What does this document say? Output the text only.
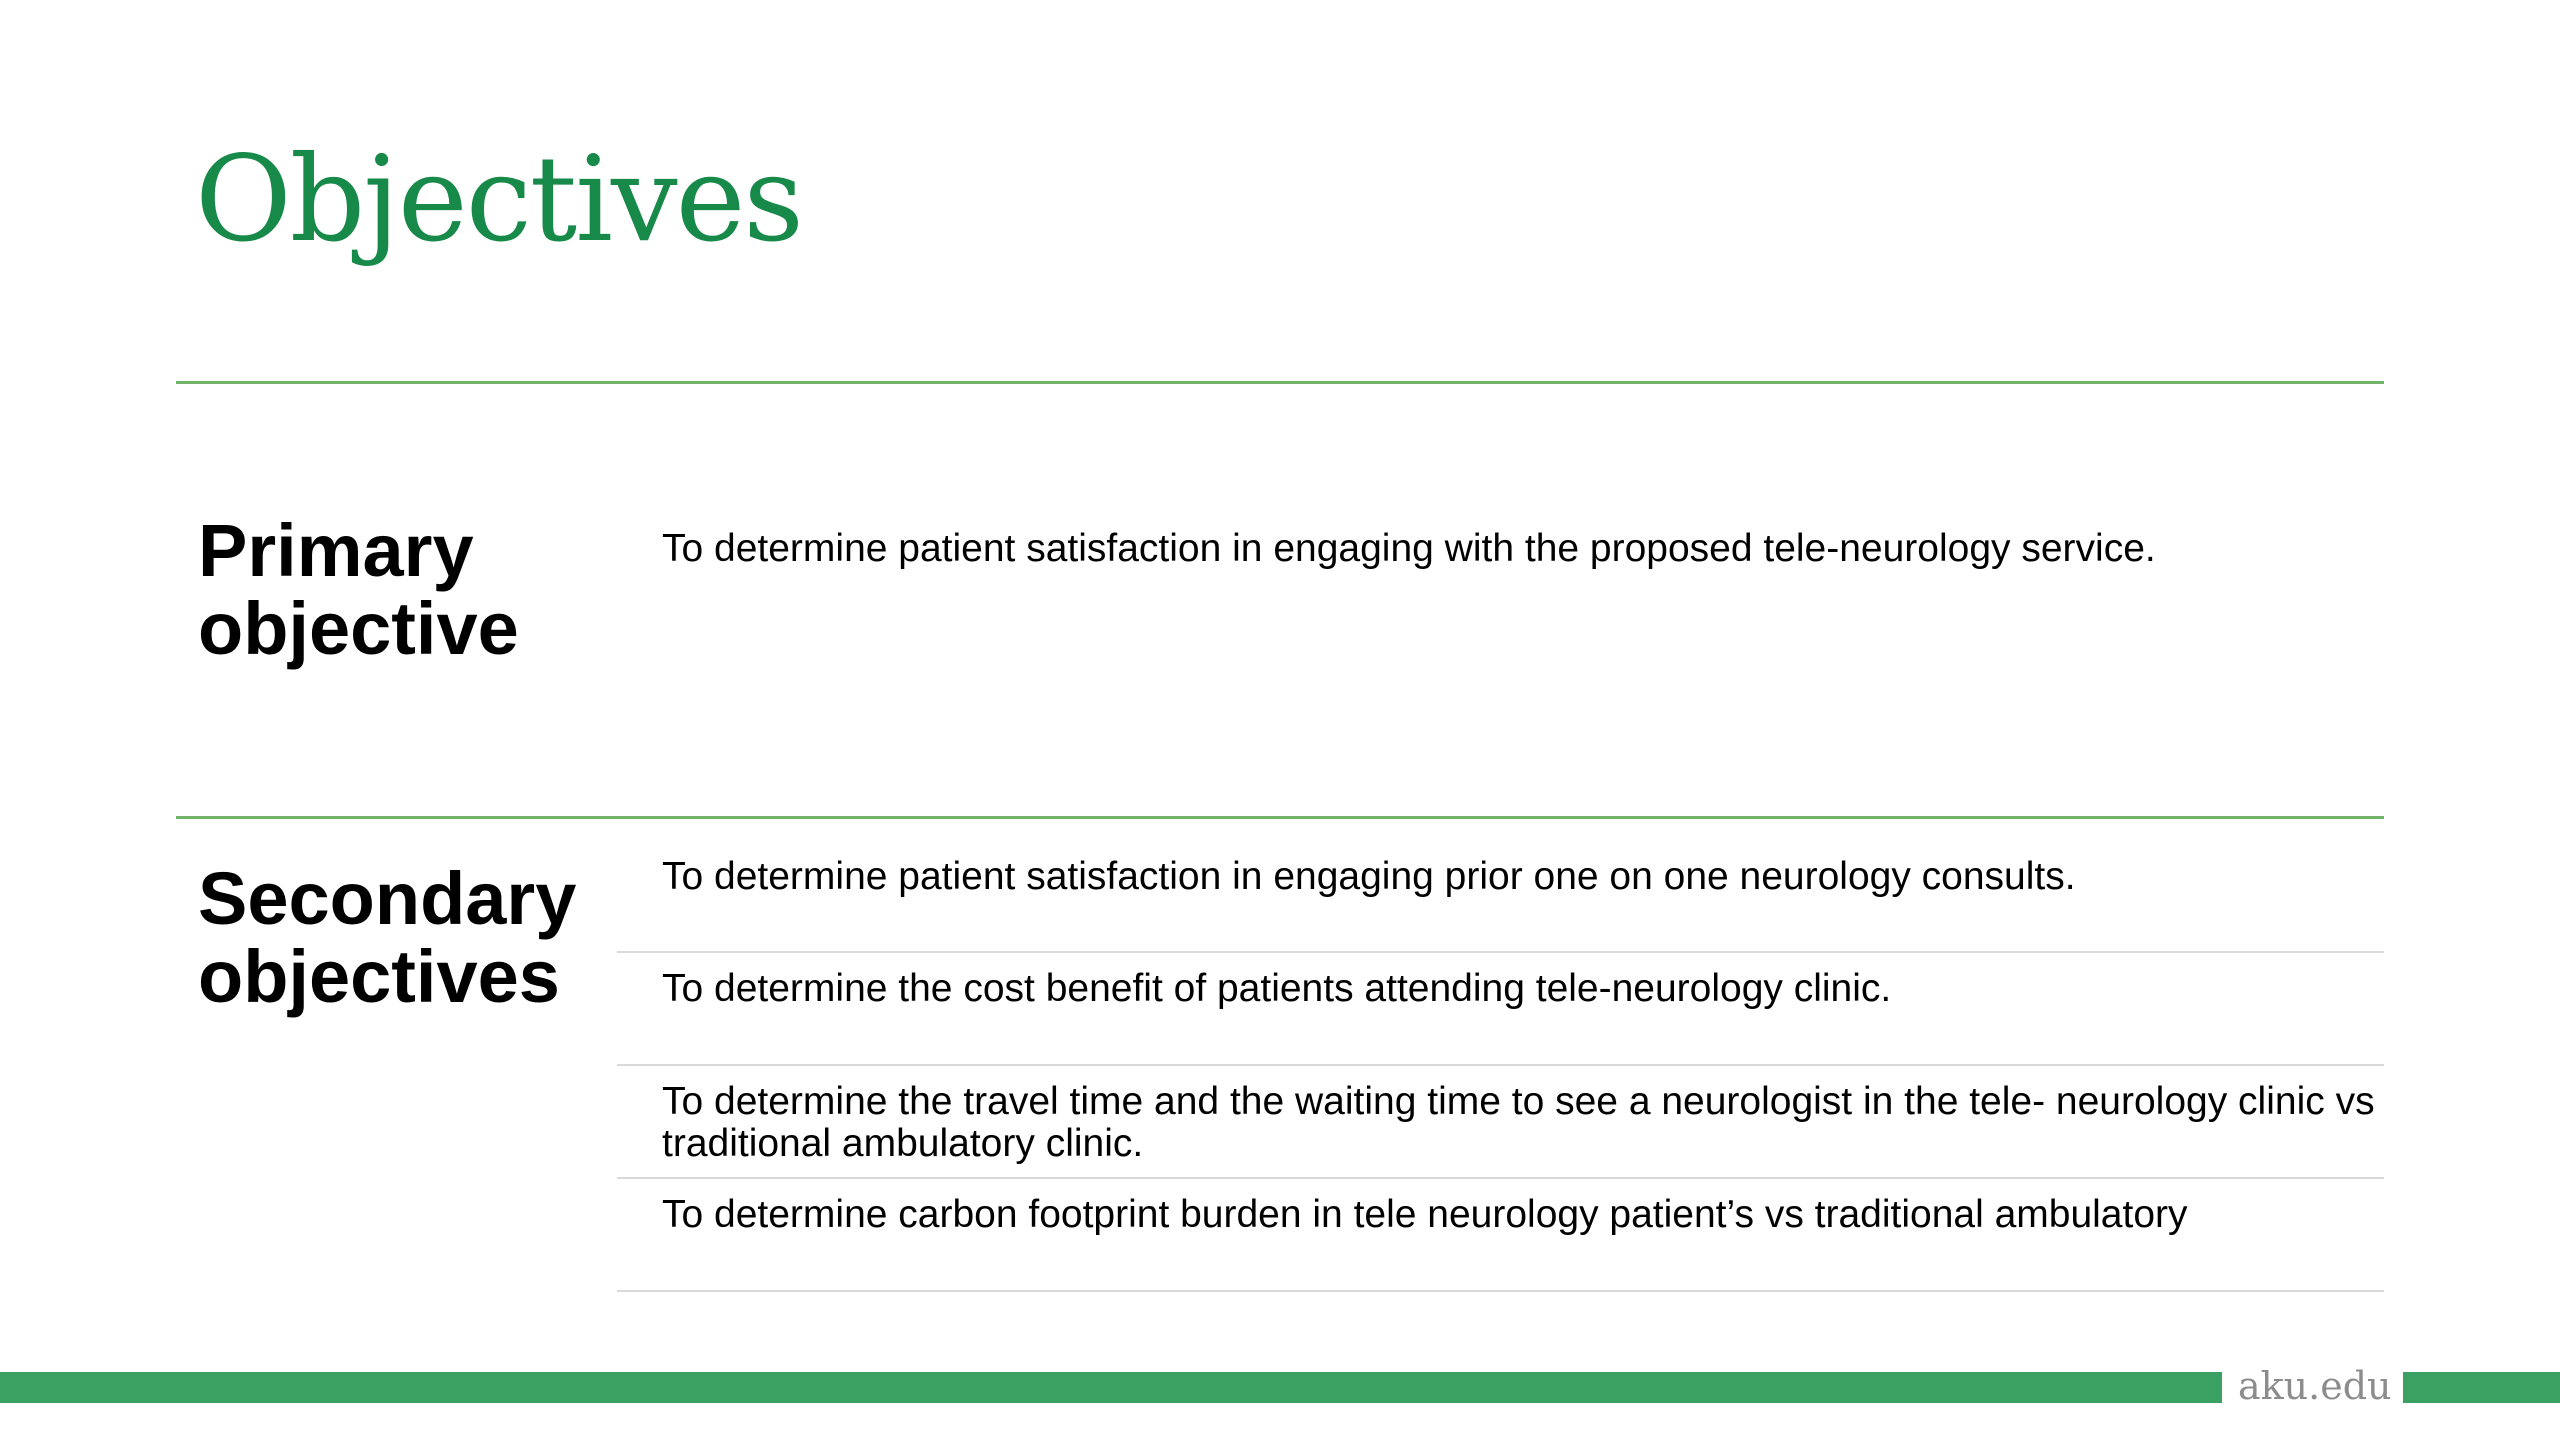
Objectives
Primary
objective

To determine patient satisfaction in engaging with the proposed tele-neurology service.

Secondary
objectives

To determine patient satisfaction in engaging prior one on one neurology consults.

To determine the cost benefit of patients attending tele-neurology clinic.

To determine the travel time and the waiting time to see a neurologist in the tele- neurology clinic vs traditional ambulatory clinic.

To determine carbon footprint burden in tele neurology patient’s vs traditional ambulatory

aku.edu
